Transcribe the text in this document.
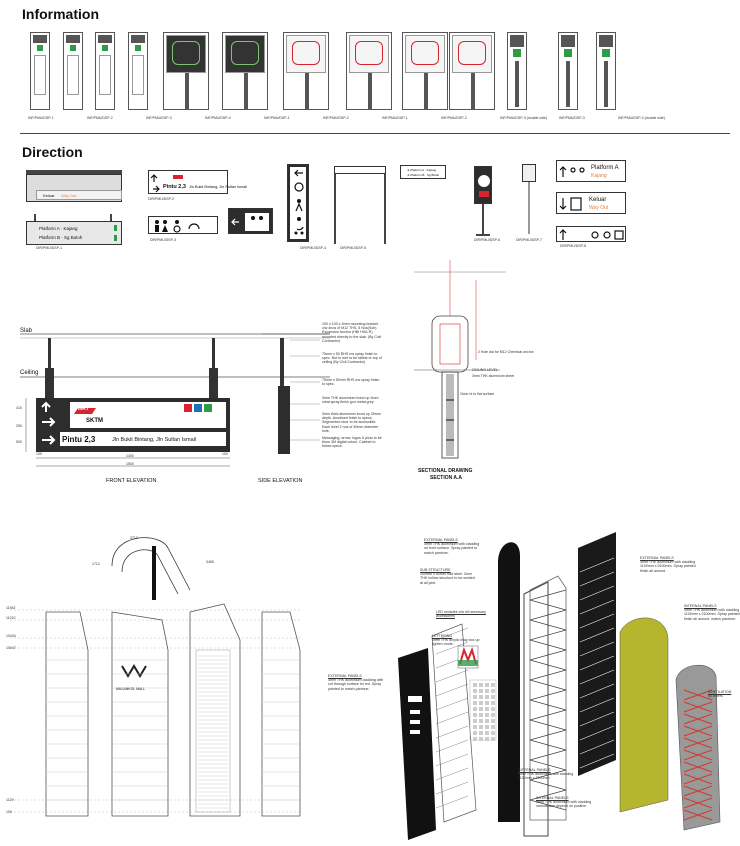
Information
INF/PMU/DSP-1	INF/PMU/DSP-2	INF/PMU/DSP-3	INF/PMU/DSP-4	INF/PMU/DSP-1	INF/PMU/DSP-2	INF/PMU/DSP-1	INF/PMU/DSP-2	INF/PMU/DSP-3 (double side)	INF/PMU/DSP-3	INF/PMU/DSP-3 (double side)
Direction
Keluar Way Out
Platform A · Kajang
Platform B · Sg Buloh
Pintu 2,3 Jln Bukit Bintang, Jln Sultan Ismail
➜ Platform A · Kajang
➜ Platform B · Sg Buloh
Platform A
Kajang
Keluar
Way Out
DIR/PMU/DSP-1
DIR/PMU/DSP-2
DIR/PMU/DSP-3
DIR/PMU/DSP-4	DIR/PMU/DSP-5
DIR/PMU/DSP-6	DIR/PMU/DSP-7
DIR/PMU/DSP-8
Slab
Ceiling
MRT
SKTM
Pintu 2,3	Jln Bukit Bintang, Jln Sultan Ismail
FRONT ELEVATION	SIDE ELEVATION
100	1300
1500
100
410
250
500
100 x 100 x 5mm mounting bracket c/w 4nos of M12 THS, 5 Nos(Sub) Expansion Anchor (Hilti HSA-R) mounted directly to the slab. (By Civil Contractor)
75mm x 50 RHS ms spray finish to spec. Not to met to be tallest or top of ceiling (By Civil Contractor)
75mm x 50mm RHS ms spray finish to spec.
3mm THK aluminium bond up 3mm cleat spray finish gun metal grey.
3mm thick aluminium bond up 35mm depth. Anodised finish to specs. Segmented door to be accessible. Each level 2 nos of 40mm diameter hole.
Messaging, arrow, logos & picto to be 6mm 3M digital cutout. Cabinet to follow specs.
2 Hole dia for M12 Chemical anchor
CEILING LEVEL
3mm THK aluminium sheet
Clear ht to flat surface
SECTIONAL DRAWING
SECTION A.A
MULANKOL MALL
11942
11210
10434
10047
1129
100
3465
1712
3713	EXTERNAL PANELS
3mm THK aluminium with cladding on front surface. Spray painted to match pantone.
SUB STRUCTURE
100mm x 50mm mild steel. 3mm THK hollow structure to be welded at all joint.
LED modules c/w all necessary accessories
LETTERING
5mm THK acrylic inlay box up lighten mode.
EXTERNAL PANELS
3mm THK aluminium cladding with cut through surface for led. Spray painted to match pantone.
EXTERNAL PANELS
3mm THK aluminium with cladding 1100mm x 5100mm. Spray painted finish all around.
INTERNAL PANELS
3mm THK aluminium with cladding 1100mm x 2100mm. Spray painted finish all around. match pantone.
INTERNAL PANELS
3mm THK aluminium with cladding 1100mm x 2250mm
INTERNAL PANELS
3mm THK aluminium with cladding various size depend on position
VENTILATION
by others
